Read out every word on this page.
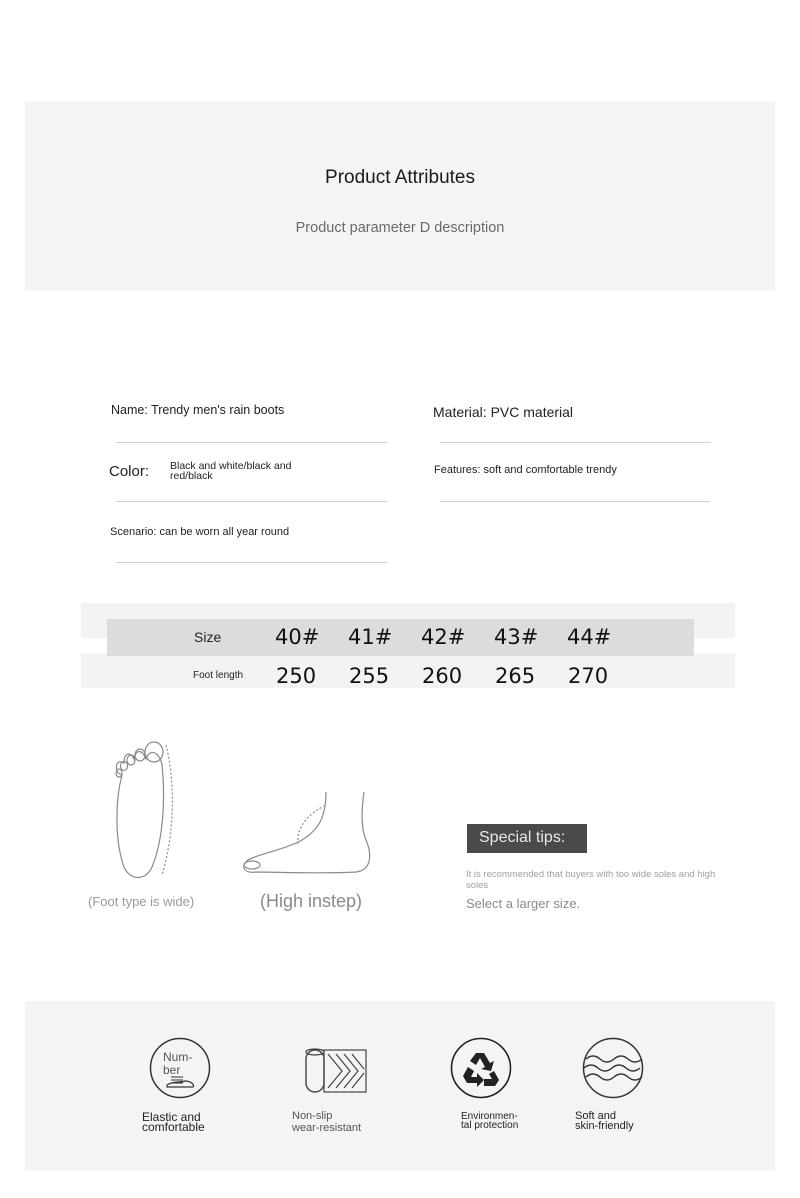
Product Attributes
Product parameter D description
Name: Trendy men's rain boots	Material: PVC material
Color: Black and white/black and
red/black	Features: soft and comfortable trendy
Scenario: can be worn all year round
Size	40# 41# 42# 43# 44#
Foot length 250 255 260 265 270
(Foot type is wide)	(High instep)
Special tips:
It is recommended that buyers with too wide soles and high
soles
Select a larger size.
Num-
ber
Elastic and
comfortable
Non-slip
wear-resistant
Environmen-
tal protection
Soft and
skin-friendly
